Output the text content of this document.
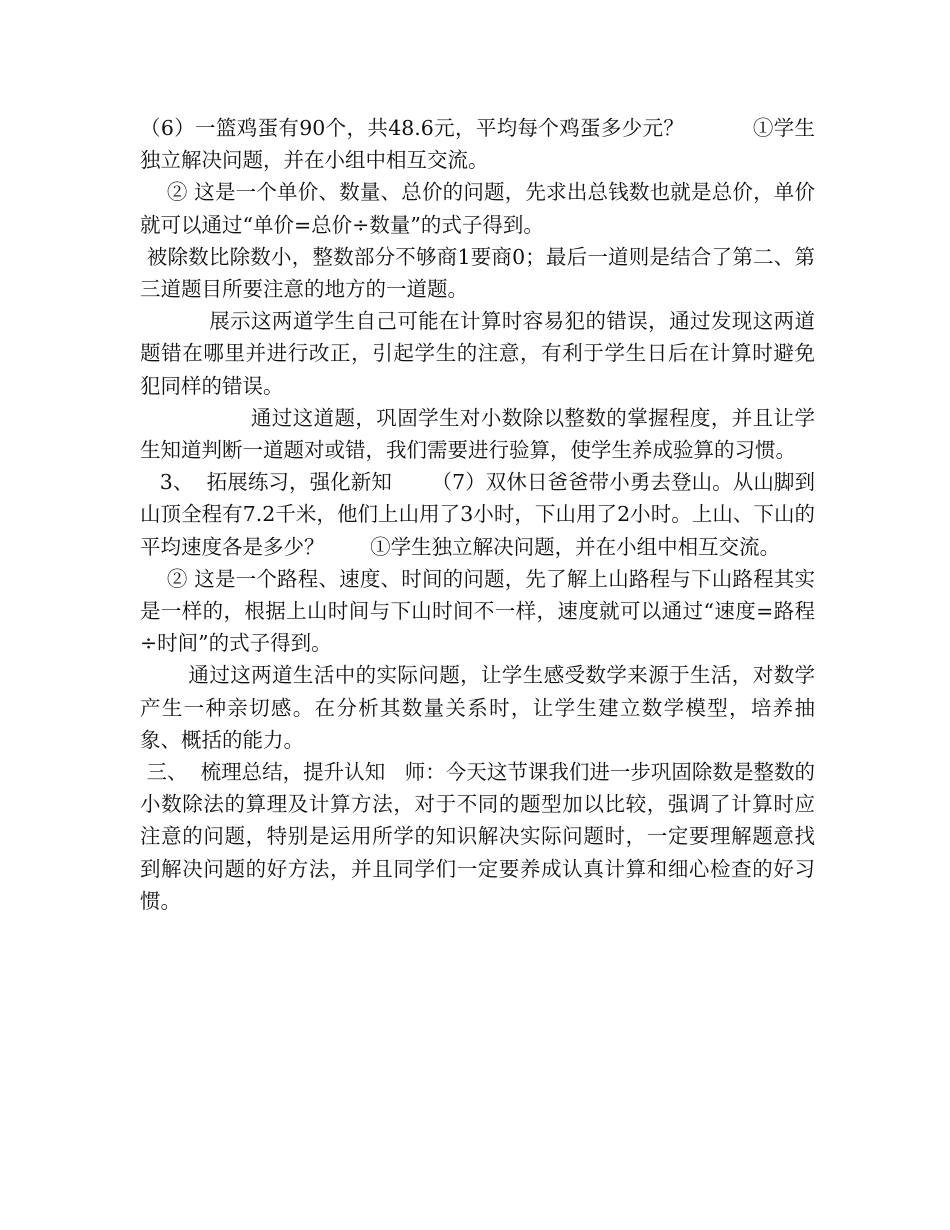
（6）一篮鸡蛋有90个，共48.6元，平均每个鸡蛋多少元？          ①学生独立解决问题，并在小组中相互交流。

② 这是一个单价、数量、总价的问题，先求出总钱数也就是总价，单价就可以通过“单价=总价÷数量”的式子得到。

被除数比除数小，整数部分不够商1要商0；最后一道则是结合了第二、第三道题目所要注意的地方的一道题。

展示这两道学生自己可能在计算时容易犯的错误，通过发现这两道题错在哪里并进行改正，引起学生的注意，有利于学生日后在计算时避免犯同样的错误。

通过这道题，巩固学生对小数除以整数的掌握程度，并且让学生知道判断一道题对或错，我们需要进行验算，使学生养成验算的习惯。

3、  拓展练习，强化新知      （7）双休日爸爸带小勇去登山。从山脚到山顶全程有7.2千米，他们上山用了3小时，下山用了2小时。上山、下山的平均速度各是多少？       ①学生独立解决问题，并在小组中相互交流。

② 这是一个路程、速度、时间的问题，先了解上山路程与下山路程其实是一样的，根据上山时间与下山时间不一样，速度就可以通过“速度=路程÷时间”的式子得到。

通过这两道生活中的实际问题，让学生感受数学来源于生活，对数学产生一种亲切感。在分析其数量关系时，让学生建立数学模型，培养抽象、概括的能力。

三、  梳理总结，提升认知   师：今天这节课我们进一步巩固除数是整数的小数除法的算理及计算方法，对于不同的题型加以比较，强调了计算时应注意的问题，特别是运用所学的知识解决实际问题时，一定要理解题意找到解决问题的好方法，并且同学们一定要养成认真计算和细心检查的好习惯。
